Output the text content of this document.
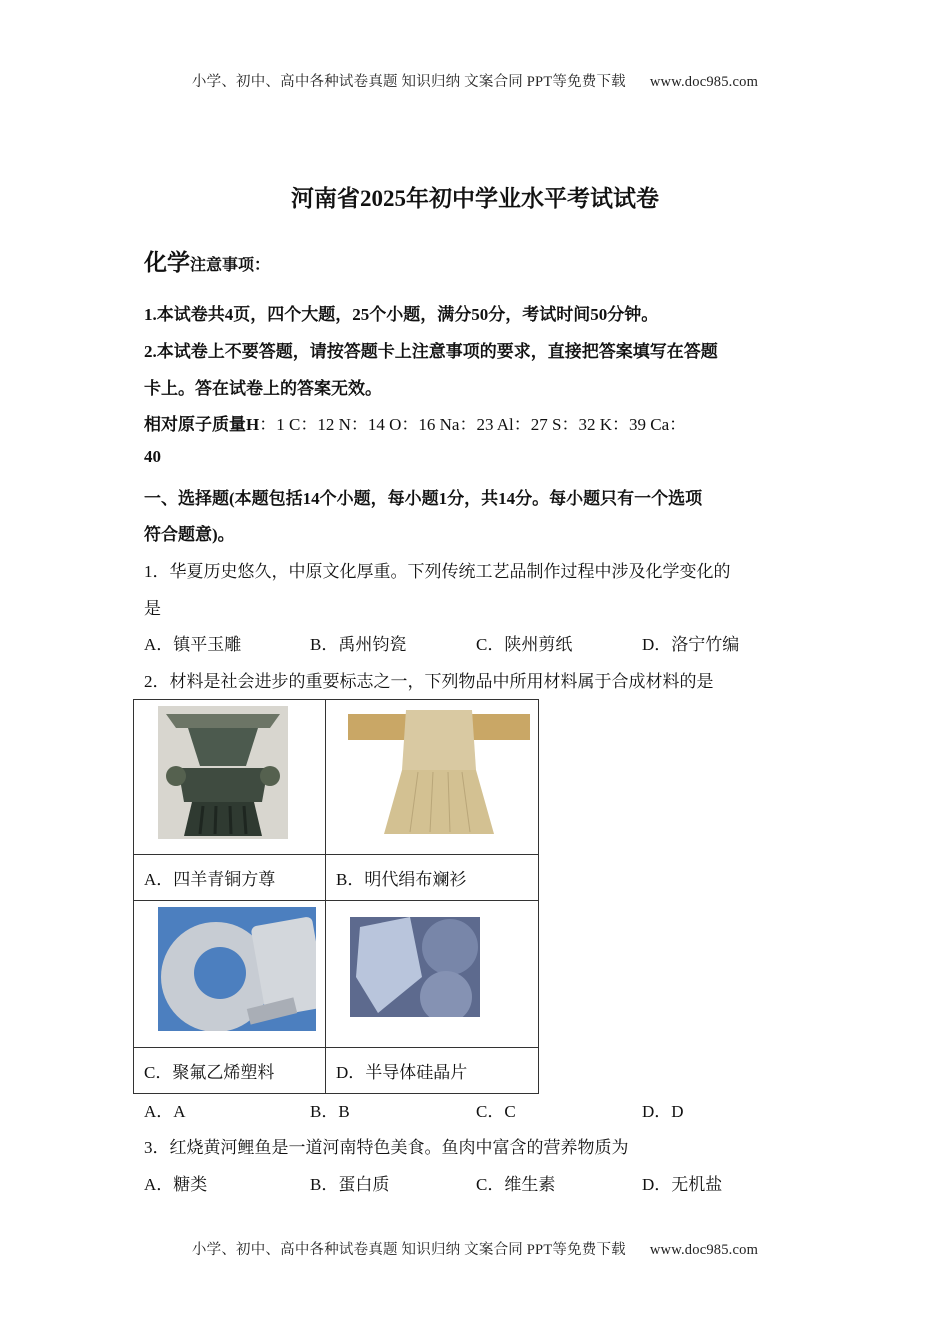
小学、初中、高中各种试卷真题 知识归纳 文案合同 PPT等免费下载 www.doc985.com
河南省2025年初中学业水平考试试卷
化学注意事项：
1.本试卷共4页，四个大题，25个小题，满分50分，考试时间50分钟。
2.本试卷上不要答题，请按答题卡上注意事项的要求，直接把答案填写在答题
卡上。答在试卷上的答案无效。
相对原子质量H：1 C：12 N：14 O：16 Na：23 Al：27 S：32 K：39 Ca：
40
一、选择题(本题包括14个小题，每小题1分，共14分。每小题只有一个选项
符合题意)。
1．华夏历史悠久，中原文化厚重。下列传统工艺品制作过程中涉及化学变化的
是
A．镇平玉雕	B．禹州钧瓷	C．陕州剪纸	D．洛宁竹编
2．材料是社会进步的重要标志之一，下列物品中所用材料属于合成材料的是

A．四羊青铜方尊	B．明代绢布斓衫

C．聚氟乙烯塑料	D．半导体硅晶片
A．A	B．B	C．C	D．D
3．红烧黄河鲤鱼是一道河南特色美食。鱼肉中富含的营养物质为
A．糖类	B．蛋白质	C．维生素	D．无机盐
小学、初中、高中各种试卷真题 知识归纳 文案合同 PPT等免费下载 www.doc985.com
